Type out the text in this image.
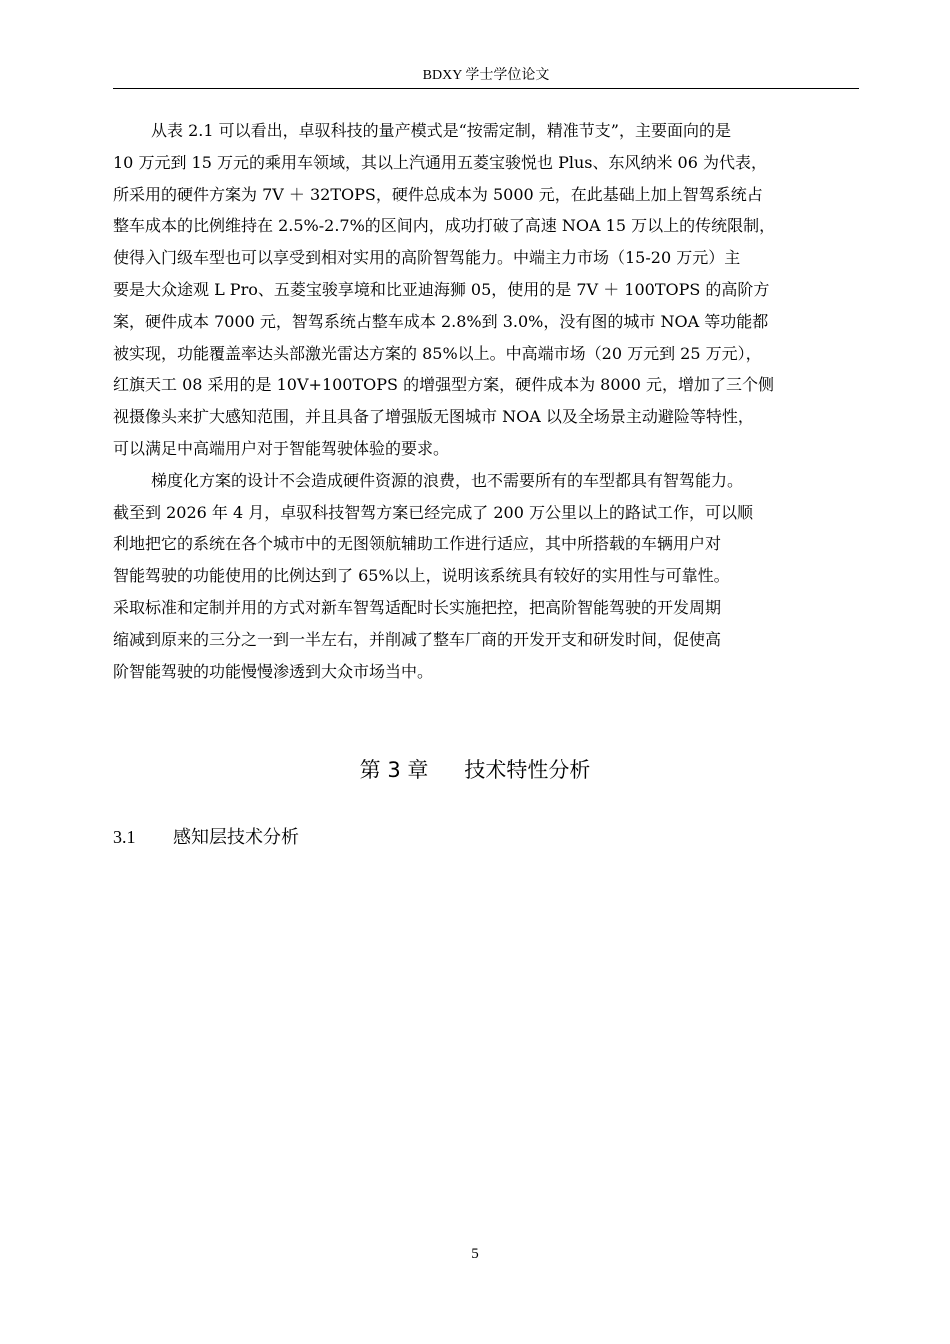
BDXY 学士学位论文

从表 2.1 可以看出，卓驭科技的量产模式是“按需定制，精准节支”，主要面向的是
10 万元到 15 万元的乘用车领域，其以上汽通用五菱宝骏悦也 Plus、东风纳米 06 为代表，
所采用的硬件方案为 7V ＋ 32TOPS，硬件总成本为 5000 元，在此基础上加上智驾系统占
整车成本的比例维持在 2.5%-2.7%的区间内，成功打破了高速 NOA 15 万以上的传统限制，
使得入门级车型也可以享受到相对实用的高阶智驾能力。中端主力市场（15-20 万元）主
要是大众途观 L Pro、五菱宝骏享境和比亚迪海狮 05，使用的是 7V ＋ 100TOPS 的高阶方
案，硬件成本 7000 元，智驾系统占整车成本 2.8%到 3.0%，没有图的城市 NOA 等功能都
被实现，功能覆盖率达头部激光雷达方案的 85%以上。中高端市场（20 万元到 25 万元），
红旗天工 08 采用的是 10V+100TOPS 的增强型方案，硬件成本为 8000 元，增加了三个侧
视摄像头来扩大感知范围，并且具备了增强版无图城市 NOA 以及全场景主动避险等特性，
可以满足中高端用户对于智能驾驶体验的要求。

梯度化方案的设计不会造成硬件资源的浪费，也不需要所有的车型都具有智驾能力。
截至到 2026 年 4 月，卓驭科技智驾方案已经完成了 200 万公里以上的路试工作，可以顺
利地把它的系统在各个城市中的无图领航辅助工作进行适应，其中所搭载的车辆用户对
智能驾驶的功能使用的比例达到了 65%以上，说明该系统具有较好的实用性与可靠性。
采取标准和定制并用的方式对新车智驾适配时长实施把控，把高阶智能驾驶的开发周期
缩减到原来的三分之一到一半左右，并削减了整车厂商的开发开支和研发时间，促使高
阶智能驾驶的功能慢慢渗透到大众市场当中。

第 3 章 技术特性分析
3.1 感知层技术分析
5
